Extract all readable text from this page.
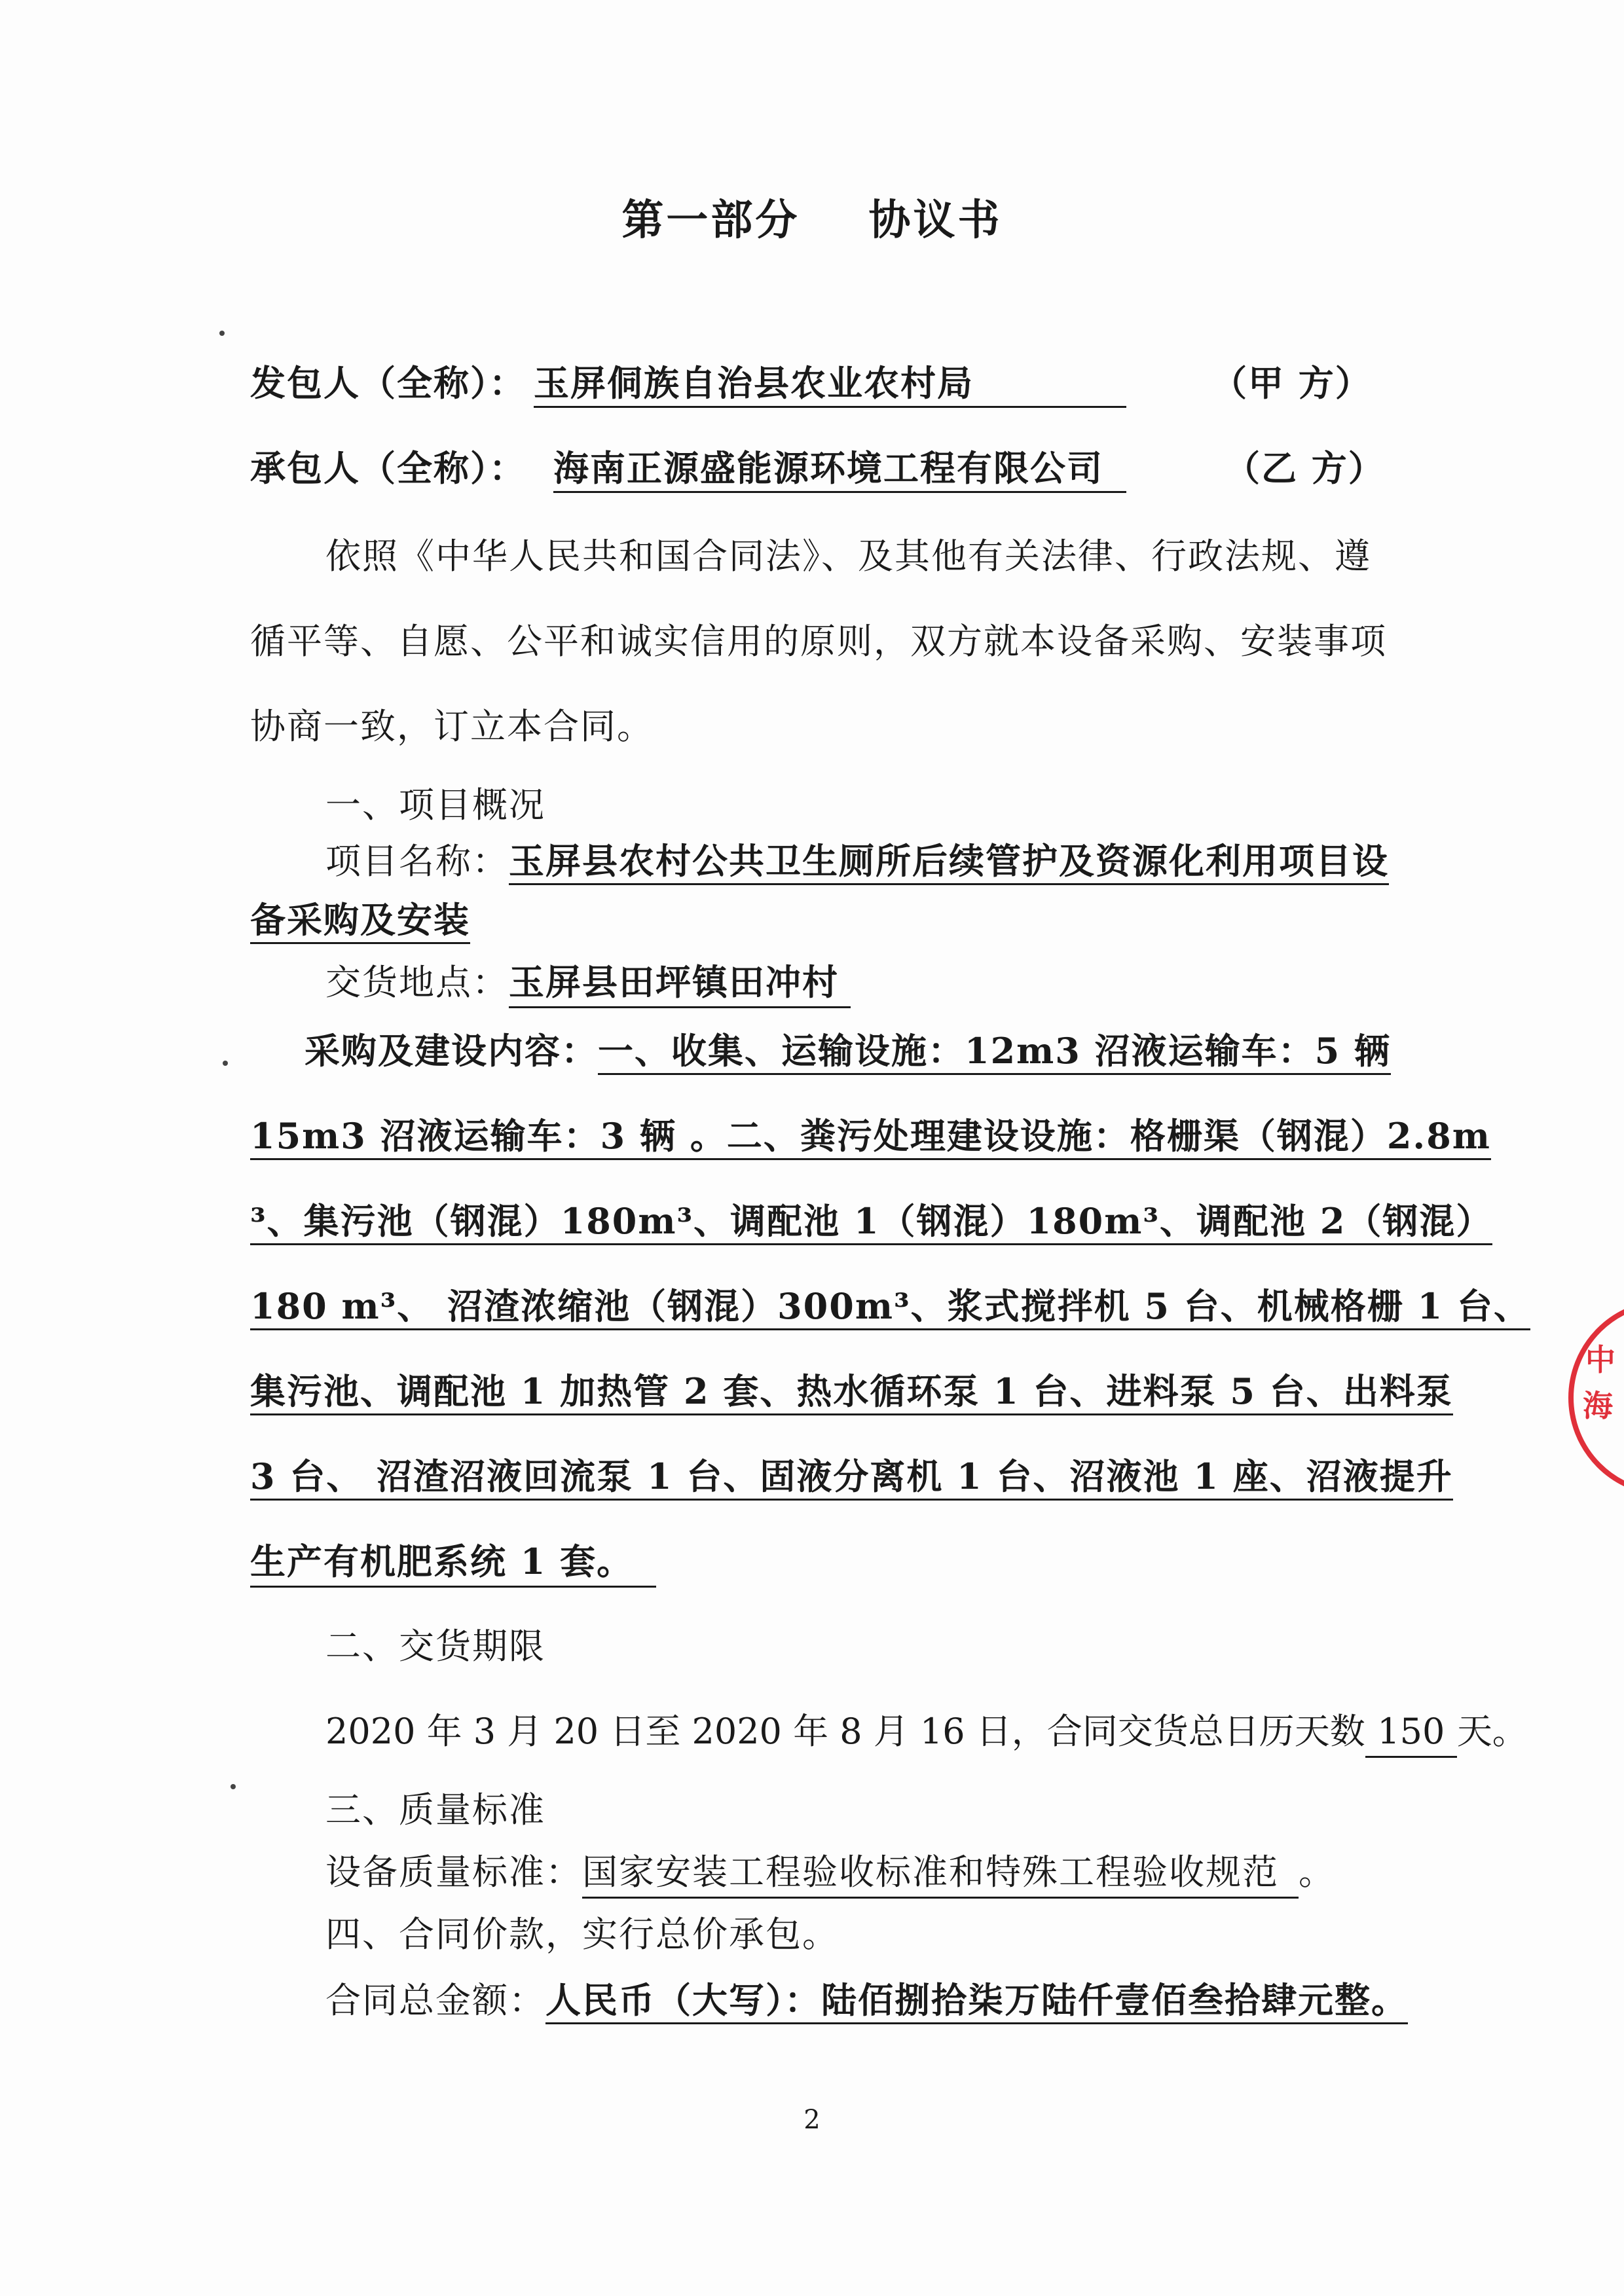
第一部分    协议书
发包人（全称）： 玉屏侗族自治县农业农村局	（甲 方）
承包人（全称）： 海南正源盛能源环境工程有限公司	（乙 方）
依照《中华人民共和国合同法》、及其他有关法律、行政法规、遵
循平等、自愿、公平和诚实信用的原则，双方就本设备采购、安装事项
协商一致，订立本合同。
一、项目概况
项目名称：玉屏县农村公共卫生厕所后续管护及资源化利用项目设
备采购及安装
交货地点：玉屏县田坪镇田冲村
采购及建设内容：一、收集、运输设施：12m3 沼液运输车：5 辆
15m3 沼液运输车：3 辆 。二、粪污处理建设设施：格栅渠（钢混）2.8m
³、集污池（钢混）180m³、调配池 1（钢混）180m³、调配池 2（钢混）
180 m³、 沼渣浓缩池（钢混）300m³、浆式搅拌机 5 台、机械格栅 1 台、
集污池、调配池 1 加热管 2 套、热水循环泵 1 台、进料泵 5 台、出料泵
3 台、 沼渣沼液回流泵 1 台、固液分离机 1 台、沼液池 1 座、沼液提升
生产有机肥系统 1 套。
二、交货期限
2020 年 3 月 20 日至 2020 年 8 月 16 日，合同交货总日历天数 150 天。
三、质量标准
设备质量标准：国家安装工程验收标准和特殊工程验收规范 。
四、合同价款，实行总价承包。
合同总金额：人民币（大写）：陆佰捌拾柒万陆仟壹佰叁拾肆元整。
2
中
海
